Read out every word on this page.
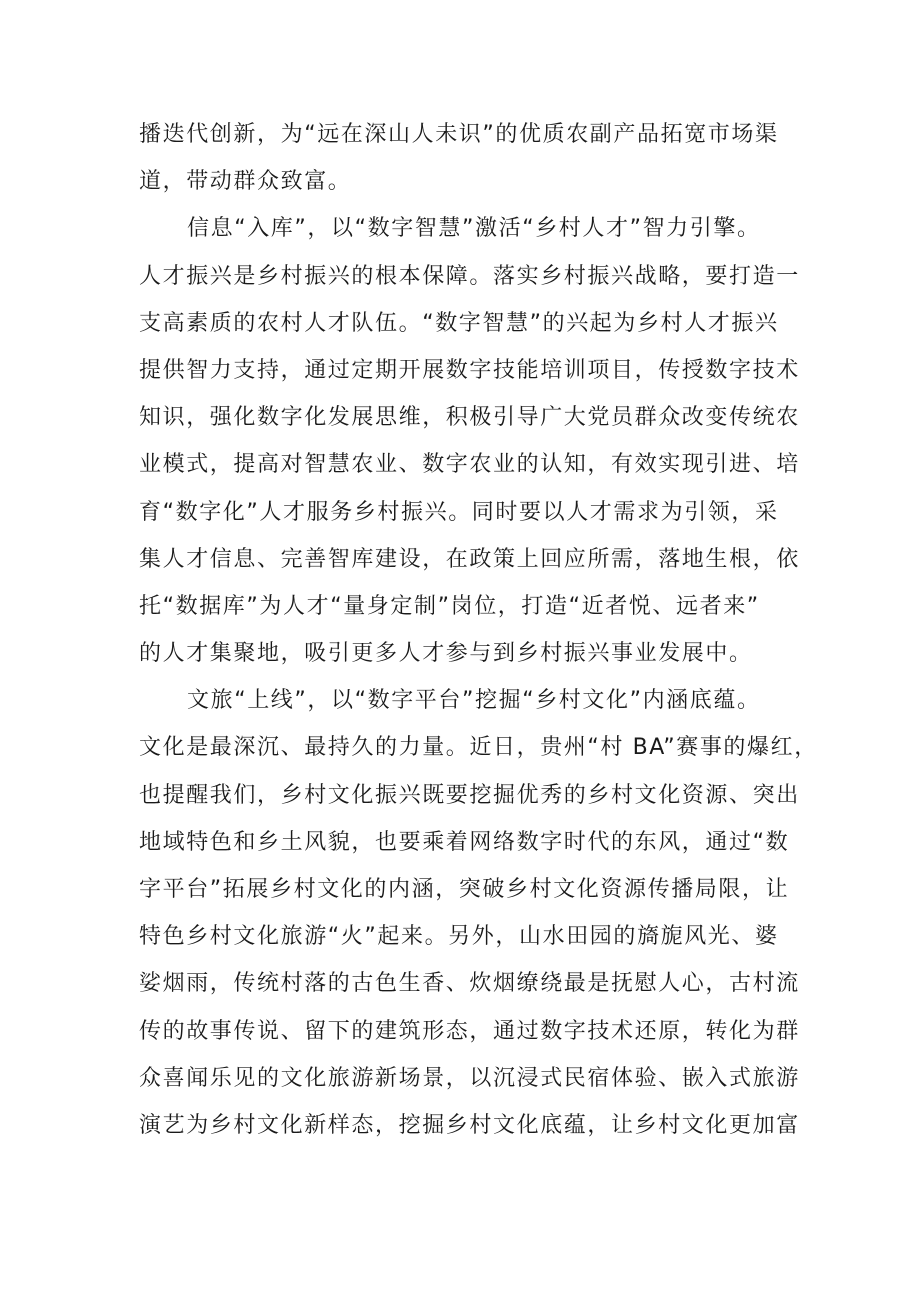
播迭代创新，为“远在深山人未识”的优质农副产品拓宽市场渠
道，带动群众致富。
信息“入库”，以“数字智慧”激活“乡村人才”智力引擎。
人才振兴是乡村振兴的根本保障。落实乡村振兴战略，要打造一
支高素质的农村人才队伍。“数字智慧”的兴起为乡村人才振兴
提供智力支持，通过定期开展数字技能培训项目，传授数字技术
知识，强化数字化发展思维，积极引导广大党员群众改变传统农
业模式，提高对智慧农业、数字农业的认知，有效实现引进、培
育“数字化”人才服务乡村振兴。同时要以人才需求为引领，采
集人才信息、完善智库建设，在政策上回应所需，落地生根，依
托“数据库”为人才“量身定制”岗位，打造“近者悦、远者来”
的人才集聚地，吸引更多人才参与到乡村振兴事业发展中。
文旅“上线”，以“数字平台”挖掘“乡村文化”内涵底蕴。
文化是最深沉、最持久的力量。近日，贵州“村 BA”赛事的爆红，
也提醒我们，乡村文化振兴既要挖掘优秀的乡村文化资源、突出
地域特色和乡土风貌，也要乘着网络数字时代的东风，通过“数
字平台”拓展乡村文化的内涵，突破乡村文化资源传播局限，让
特色乡村文化旅游“火”起来。另外，山水田园的旖旎风光、婆
娑烟雨，传统村落的古色生香、炊烟缭绕最是抚慰人心，古村流
传的故事传说、留下的建筑形态，通过数字技术还原，转化为群
众喜闻乐见的文化旅游新场景，以沉浸式民宿体验、嵌入式旅游
演艺为乡村文化新样态，挖掘乡村文化底蕴，让乡村文化更加富
